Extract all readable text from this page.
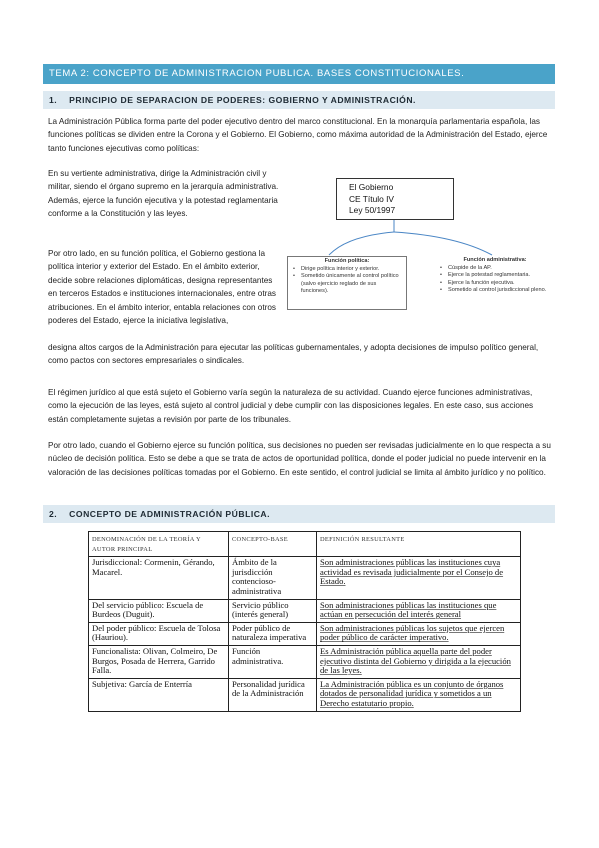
TEMA 2: CONCEPTO DE ADMINISTRACION PUBLICA. BASES CONSTITUCIONALES.
1. PRINCIPIO DE SEPARACION DE PODERES: GOBIERNO Y ADMINISTRACIÓN.
La Administración Pública forma parte del poder ejecutivo dentro del marco constitucional. En la monarquía parlamentaria española, las funciones políticas se dividen entre la Corona y el Gobierno. El Gobierno, como máxima autoridad de la Administración del Estado, ejerce tanto funciones ejecutivas como políticas:
En su vertiente administrativa, dirige la Administración civil y militar, siendo el órgano supremo en la jerarquía administrativa. Además, ejerce la función ejecutiva y la potestad reglamentaria conforme a la Constitución y las leyes.
Por otro lado, en su función política, el Gobierno gestiona la política interior y exterior del Estado. En el ámbito exterior, decide sobre relaciones diplomáticas, designa representantes en terceros Estados e instituciones internacionales, entre otras atribuciones. En el ámbito interior, entabla relaciones con otros poderes del Estado, ejerce la iniciativa legislativa,
designa altos cargos de la Administración para ejecutar las políticas gubernamentales, y adopta decisiones de impulso político general, como pactos con sectores empresariales o sindicales.
El régimen jurídico al que está sujeto el Gobierno varía según la naturaleza de su actividad. Cuando ejerce funciones administrativas, como la ejecución de las leyes, está sujeto al control judicial y debe cumplir con las disposiciones legales. En este caso, sus acciones están completamente sujetas a revisión por parte de los tribunales.
Por otro lado, cuando el Gobierno ejerce su función política, sus decisiones no pueden ser revisadas judicialmente en lo que respecta a su núcleo de decisión política. Esto se debe a que se trata de actos de oportunidad política, donde el poder judicial no puede intervenir en la valoración de las decisiones políticas tomadas por el Gobierno. En este sentido, el control judicial se limita al ámbito jurídico y no político.
El Gobierno
CE Título IV
Ley 50/1997
Función política:
• Dirige política interior y exterior.
• Sometido únicamente al control político (salvo ejercicio reglado de sus funciones).
Función administrativa:
• Cúspide de la AP.
• Ejerce la potestad reglamentaria.
• Ejerce la función ejecutiva.
• Sometido al control jurisdiccional pleno.
2. CONCEPTO DE ADMINISTRACIÓN PÚBLICA.
DENOMINACIÓN DE LA TEORÍA Y AUTOR PRINCIPAL	CONCEPTO-BASE	DEFINICIÓN RESULTANTE
Jurisdiccional: Cormenin, Gérando, Macarel.	Ámbito de la jurisdicción contencioso-administrativa	Son administraciones públicas las instituciones cuya actividad es revisada judicialmente por el Consejo de Estado.
Del servicio público: Escuela de Burdeos (Duguit).	Servicio público (interés general)	Son administraciones públicas las instituciones que actúan en persecución del interés general
Del poder público: Escuela de Tolosa (Hauriou).	Poder público de naturaleza imperativa	Son administraciones públicas los sujetos que ejercen poder público de carácter imperativo.
Funcionalista: Olivan, Colmeiro, De Burgos, Posada de Herrera, Garrido Falla.	Función administrativa.	Es Administración pública aquella parte del poder ejecutivo distinta del Gobierno y dirigida a la ejecución de las leyes.
Subjetiva: García de Enterría	Personalidad jurídica de la Administración	La Administración pública es un conjunto de órganos dotados de personalidad jurídica y sometidos a un Derecho estatutario propio.
